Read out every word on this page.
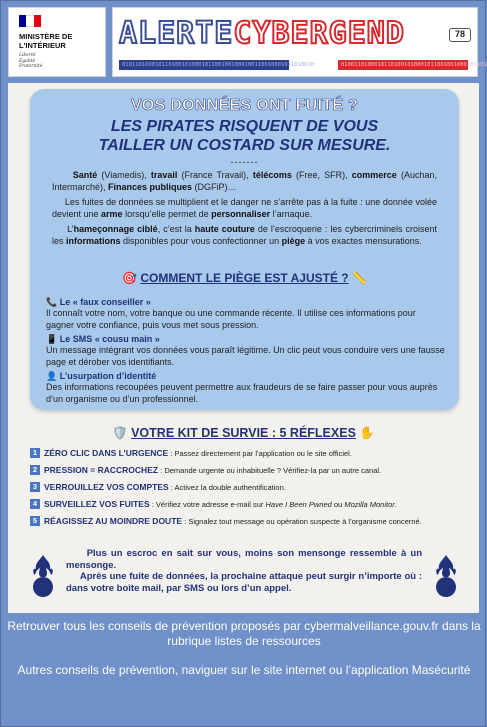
MINISTÈRE DE L'INTÉRIEUR
Liberté
Égalité
Fraternité
ALERTECYBERGEND	78
0101101000101101001010001011001001000100110010001011010010	01001101000101101001010001011001001000101101
VOS DONNÉES ONT FUITÉ ?
LES PIRATES RISQUENT DE VOUS
TAILLER UN COSTARD SUR MESURE.
-------
Santé (Viamedis), travail (France Travail), télécoms (Free, SFR), commerce (Auchan, Intermarché), Finances publiques (DGFiP)…
Les fuites de données se multiplient et le danger ne s’arrête pas à la fuite : une donnée volée devient une arme lorsqu’elle permet de personnaliser l’arnaque.
L’hameçonnage ciblé, c’est la haute couture de l’escroquerie : les cybercriminels croisent les informations disponibles pour vous confectionner un piège à vos exactes mensurations.
🎯 COMMENT LE PIÈGE EST AJUSTÉ ? 📏
📞 Le « faux conseiller »
Il connaît votre nom, votre banque ou une commande récente. Il utilise ces informations pour gagner votre confiance, puis vous met sous pression.
📱 Le SMS « cousu main »
Un message intégrant vos données vous paraît légitime. Un clic peut vous conduire vers une fausse page et dérober vos identifiants.
👤 L’usurpation d’identité
Des informations recoupées peuvent permettre aux fraudeurs de se faire passer pour vous auprès d’un organisme ou d’un professionnel.
🛡️ VOTRE KIT DE SURVIE : 5 RÉFLEXES ✋
1 ZÉRO CLIC DANS L’URGENCE : Passez directement par l’application ou le site officiel.
2 PRESSION = RACCROCHEZ : Demande urgente ou inhabituelle ? Vérifiez-la par un autre canal.
3 VERROUILLEZ VOS COMPTES : Activez la double authentification.
4 SURVEILLEZ VOS FUITES : Vérifiez votre adresse e-mail sur Have I Been Pwned ou Mozilla Monitor.
5 RÉAGISSEZ AU MOINDRE DOUTE : Signalez tout message ou opération suspecte à l’organisme concerné.
Plus un escroc en sait sur vous, moins son mensonge ressemble à un mensonge.
Après une fuite de données, la prochaine attaque peut surgir n’importe où : dans votre boîte mail, par SMS ou lors d’un appel.

Retrouver tous les conseils de prévention proposés par cybermalveillance.gouv.fr dans la rubrique listes de ressources

Autres conseils de prévention, naviguer sur le site internet ou l’application Masécurité
